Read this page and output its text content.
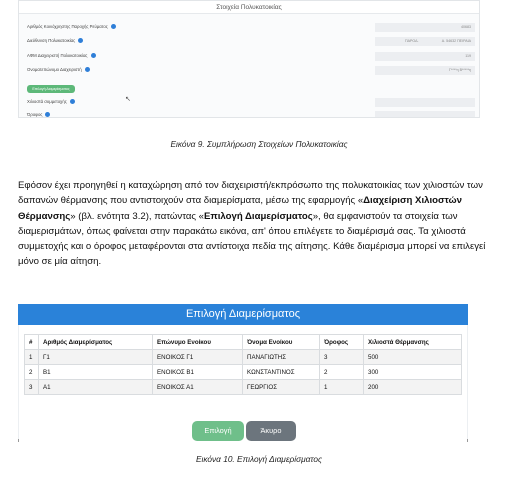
Στοιχεία Πολυκατοικίας
Αριθμός Κοινόχρηστης Παροχής Ρεύματος	40683
Διεύθυνση Πολυκατοικίας	ΠΑΡΟΔ.	Α. 54632 ΠΕΙΡΑΙΑ
ΑΦΜ Διαχειριστή Πολυκατοικίας	119
Ονοματεπώνυμο Διαχειριστή	Γ****η Β*****η
Επιλογή Διαμερίσματος
↖
Χιλιοστά συμμετοχής
Όροφος
Εικόνα 9. Συμπλήρωση Στοιχείων Πολυκατοικίας

Εφόσον έχει προηγηθεί η καταχώρηση από τον διαχειριστή/εκπρόσωπο της πολυκατοικίας των χιλιοστών των δαπανών θέρμανσης που αντιστοιχούν στα διαμερίσματα, μέσω της εφαρμογής «Διαχείριση Χιλιοστών Θέρμανσης» (βλ. ενότητα 3.2), πατώντας «Επιλογή Διαμερίσματος», θα εμφανιστούν τα στοιχεία των διαμερισμάτων, όπως φαίνεται στην παρακάτω εικόνα, απ' όπου επιλέγετε το διαμέρισμά σας. Τα χιλιοστά συμμετοχής και ο όροφος μεταφέρονται στα αντίστοιχα πεδία της αίτησης. Κάθε διαμέρισμα μπορεί να επιλεγεί μόνο σε μία αίτηση.

Επιλογή Διαμερίσματος
#	Αριθμός Διαμερίσματος	Επώνυμο Ενοίκου	Όνομα Ενοίκου	Όροφος	Χιλιοστά Θέρμανσης
1	Γ1	ΕΝΟΙΚΟΣ Γ1	ΠΑΝΑΓΙΩΤΗΣ	3	500
2	Β1	ΕΝΟΙΚΟΣ Β1	ΚΩΝΣΤΑΝΤΙΝΟΣ	2	300
3	Α1	ΕΝΟΙΚΟΣ Α1	ΓΕΩΡΓΙΟΣ	1	200
Επιλογή	Άκυρο
Εικόνα 10. Επιλογή Διαμερίσματος
